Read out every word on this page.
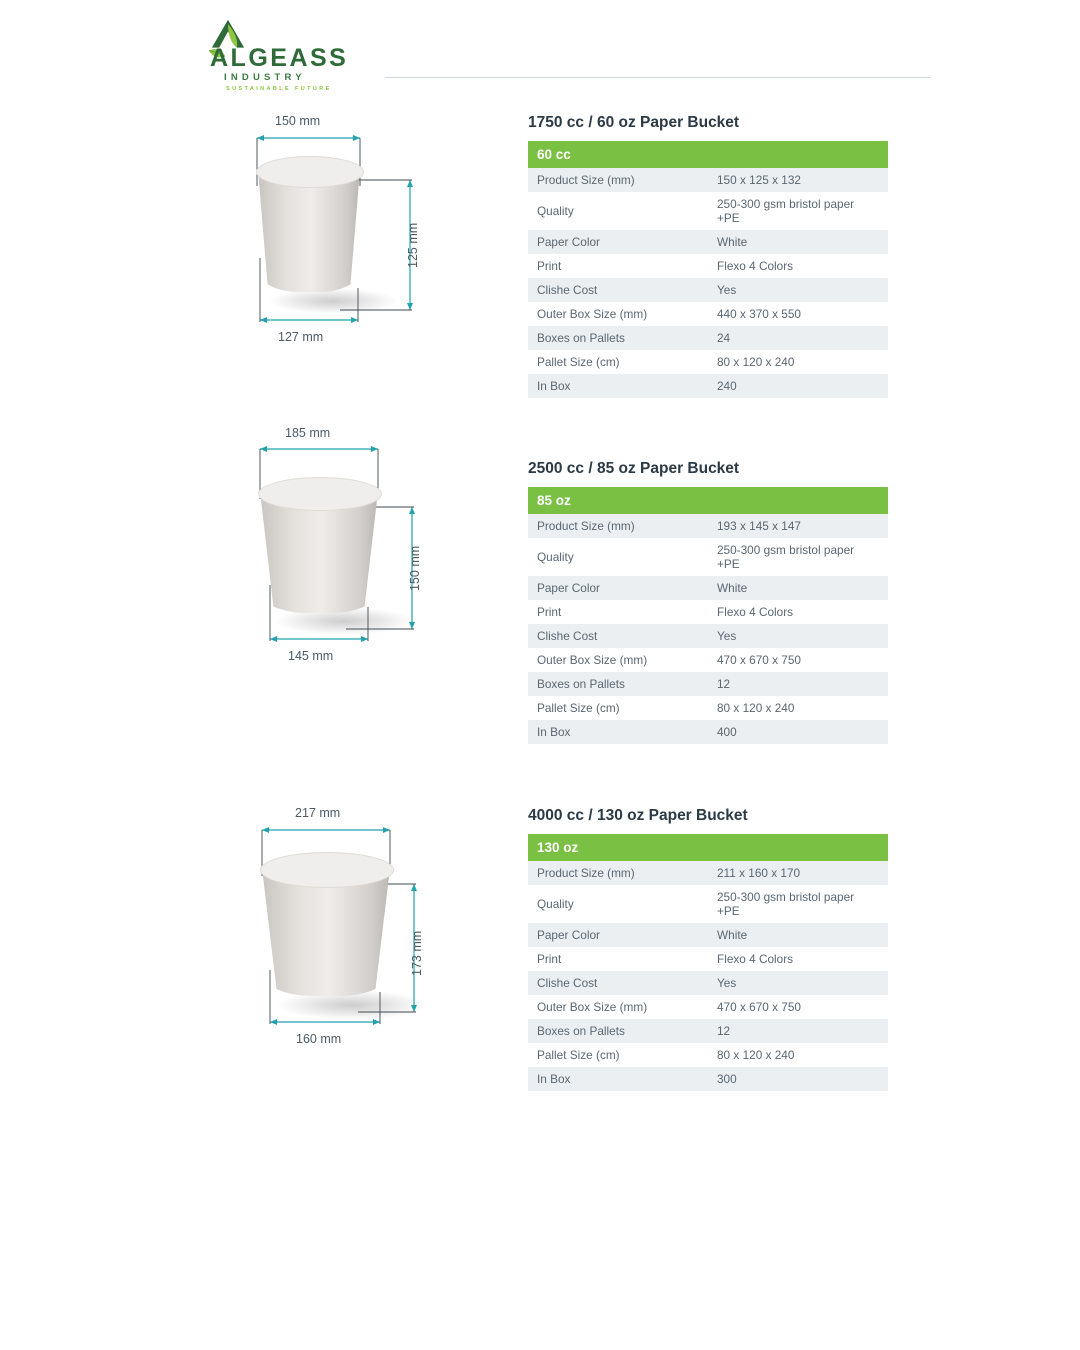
ALGEASS
INDUSTRY
SUSTAINABLE FUTURE
150 mm
125 mm
127 mm
1750 cc / 60 oz Paper Bucket
60 cc	
Product Size (mm)	150 x 125 x 132
Quality	250-300 gsm bristol paper +PE
Paper Color	White
Print	Flexo 4 Colors
Clishe Cost	Yes
Outer Box Size (mm)	440 x 370 x 550
Boxes on Pallets	24
Pallet Size (cm)	80 x 120 x 240
In Box	240
185 mm
150 mm
145 mm
2500 cc / 85 oz Paper Bucket
85 oz	
Product Size (mm)	193 x 145 x 147
Quality	250-300 gsm bristol paper +PE
Paper Color	White
Print	Flexo 4 Colors
Clishe Cost	Yes
Outer Box Size (mm)	470 x 670 x 750
Boxes on Pallets	12
Pallet Size (cm)	80 x 120 x 240
In Box	400
217 mm
173 mm
160 mm
4000 cc / 130 oz Paper Bucket
130 oz	
Product Size (mm)	211 x 160 x 170
Quality	250-300 gsm bristol paper +PE
Paper Color	White
Print	Flexo 4 Colors
Clishe Cost	Yes
Outer Box Size (mm)	470 x 670 x 750
Boxes on Pallets	12
Pallet Size (cm)	80 x 120 x 240
In Box	300
